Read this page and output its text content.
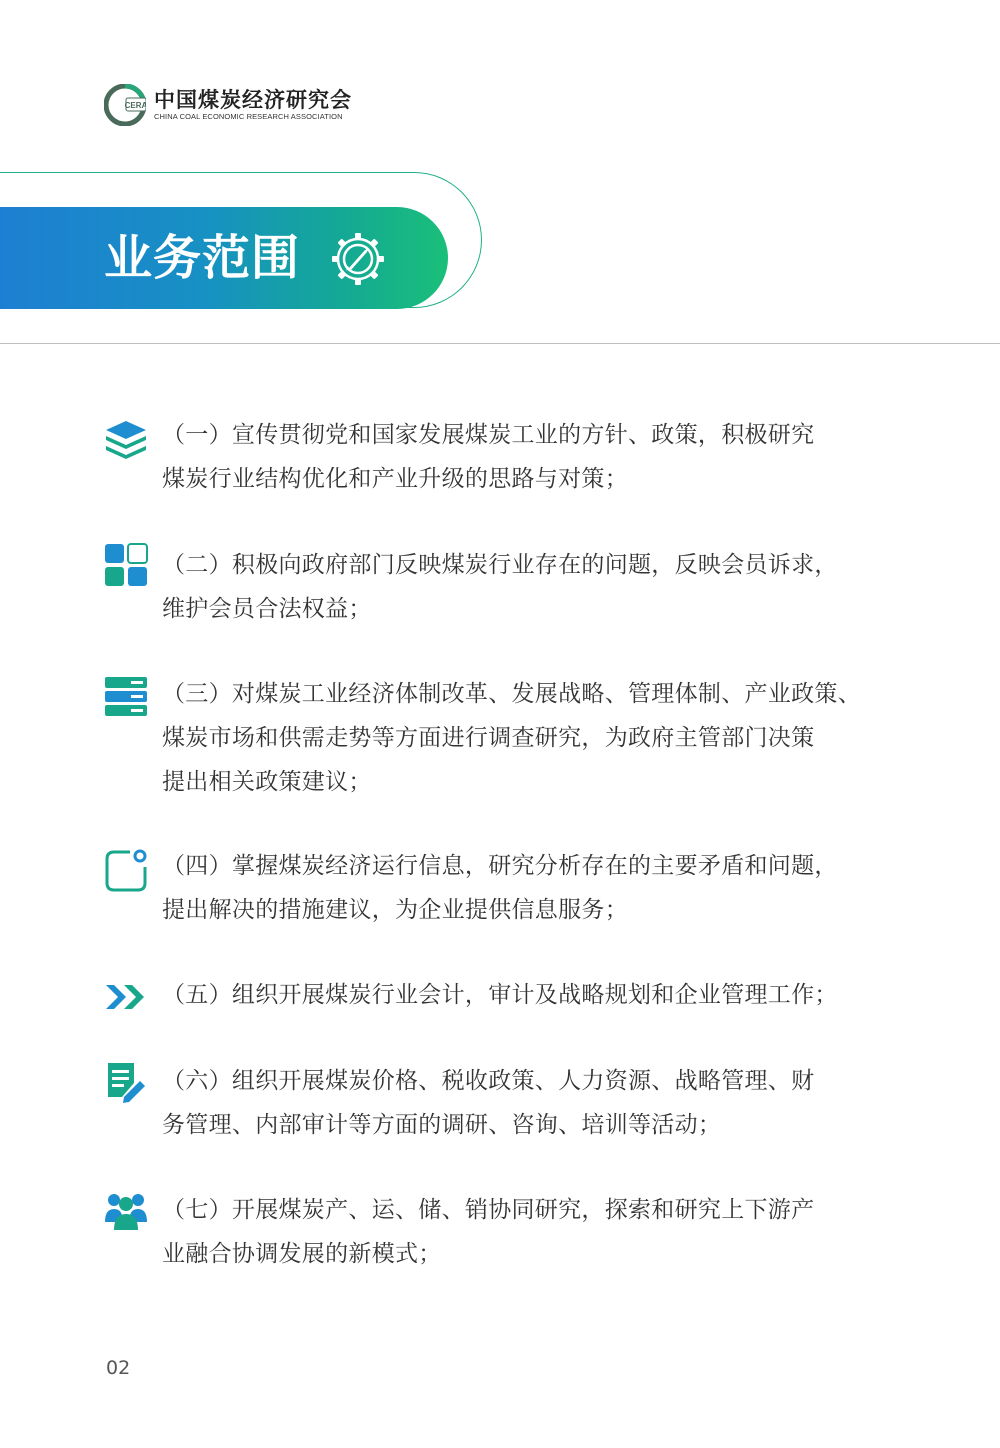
CERA 中国煤炭经济研究会
CHINA COAL ECONOMIC RESEARCH ASSOCIATION
业务范围
（一）宣传贯彻党和国家发展煤炭工业的方针、政策，积极研究
煤炭行业结构优化和产业升级的思路与对策；
（二）积极向政府部门反映煤炭行业存在的问题，反映会员诉求，
维护会员合法权益；
（三）对煤炭工业经济体制改革、发展战略、管理体制、产业政策、
煤炭市场和供需走势等方面进行调查研究，为政府主管部门决策
提出相关政策建议；
（四）掌握煤炭经济运行信息，研究分析存在的主要矛盾和问题，
提出解决的措施建议，为企业提供信息服务；
（五）组织开展煤炭行业会计，审计及战略规划和企业管理工作；
（六）组织开展煤炭价格、税收政策、人力资源、战略管理、财
务管理、内部审计等方面的调研、咨询、培训等活动；
（七）开展煤炭产、运、储、销协同研究，探索和研究上下游产
业融合协调发展的新模式；
02
